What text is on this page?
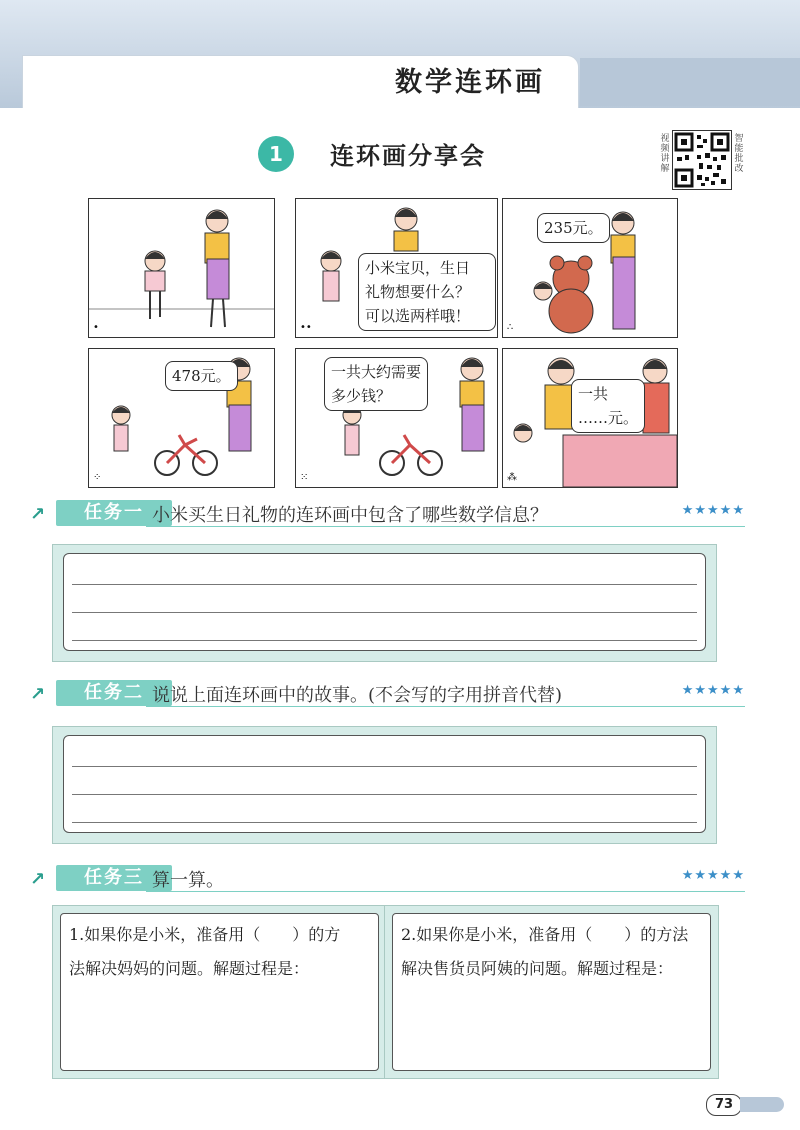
数学连环画
1	连环画分享会
视频讲解
智能批改
•
小米宝贝，生日
礼物想要什么？
可以选两样哦！
••
235元。
∴
478元。
⁘
一共大约需要
多少钱？
⁙
一共
……元。
⁂
↗	任务一 小米买生日礼物的连环画中包含了哪些数学信息？	★★★★★
↗	任务二 说说上面连环画中的故事。(不会写的字用拼音代替)	★★★★★
↗	任务三 算一算。	★★★★★
1.如果你是小米，准备用（　　）的方
法解决妈妈的问题。解题过程是：
2.如果你是小米，准备用（　　）的方法
解决售货员阿姨的问题。解题过程是：
73
